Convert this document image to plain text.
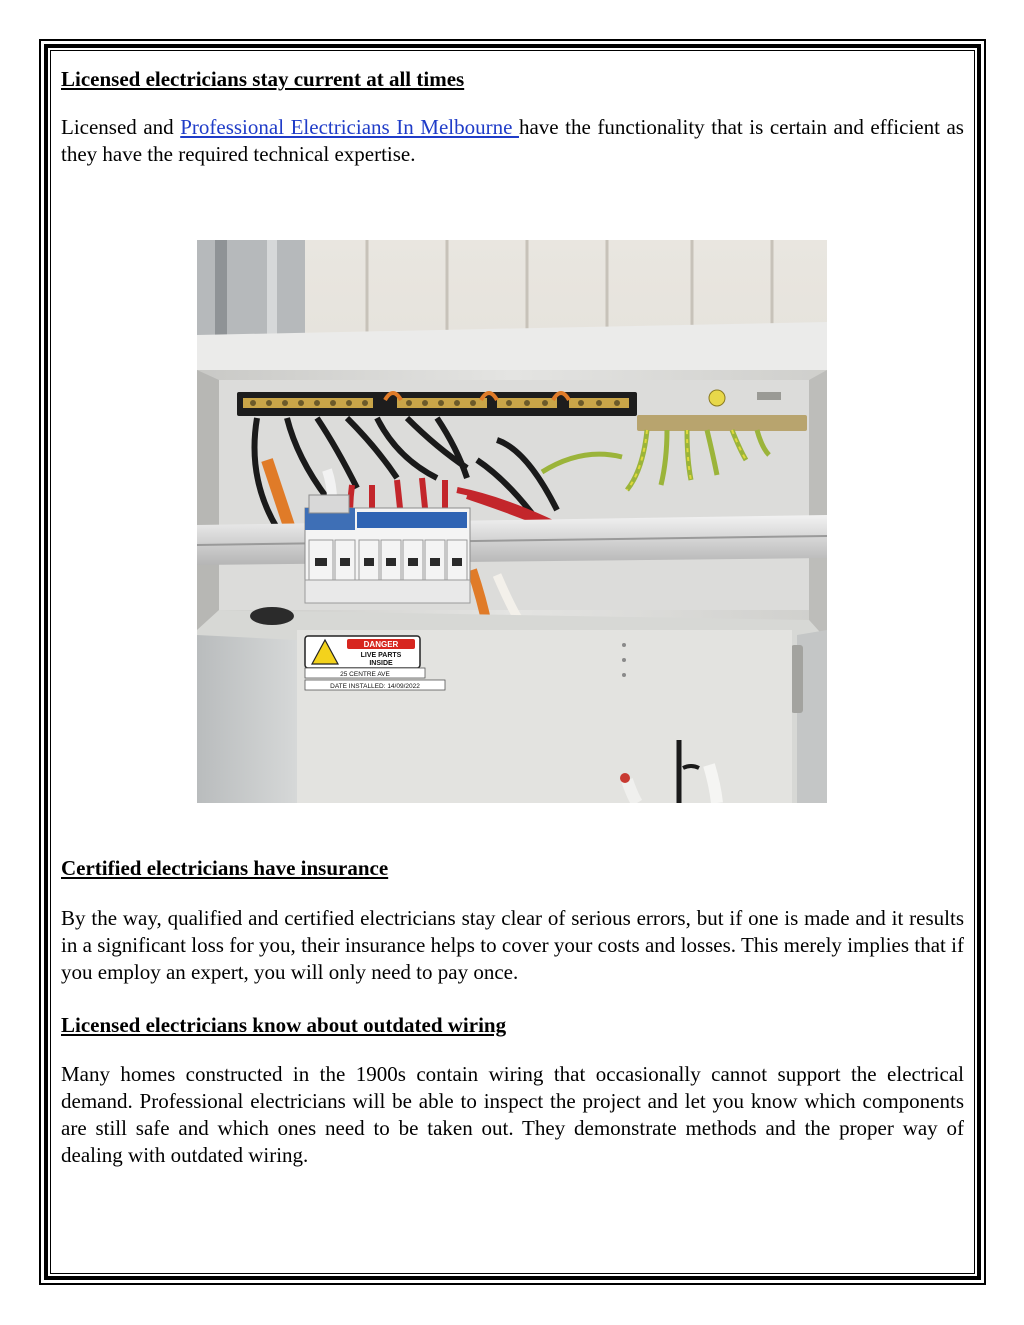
Licensed electricians stay current at all times

Licensed and Professional Electricians In Melbourne have the functionality that is certain and efficient as they have the required technical expertise.

Certified electricians have insurance

By the way, qualified and certified electricians stay clear of serious errors, but if one is made and it results in a significant loss for you, their insurance helps to cover your costs and losses. This merely implies that if you employ an expert, you will only need to pay once.

Licensed electricians know about outdated wiring

Many homes constructed in the 1900s contain wiring that occasionally cannot support the electrical demand. Professional electricians will be able to inspect the project and let you know which components are still safe and which ones need to be taken out. They demonstrate methods and the proper way of dealing with outdated wiring.

DANGER
LIVE PARTS
INSIDE
25 CENTRE AVE
DATE INSTALLED: 14/09/2022
